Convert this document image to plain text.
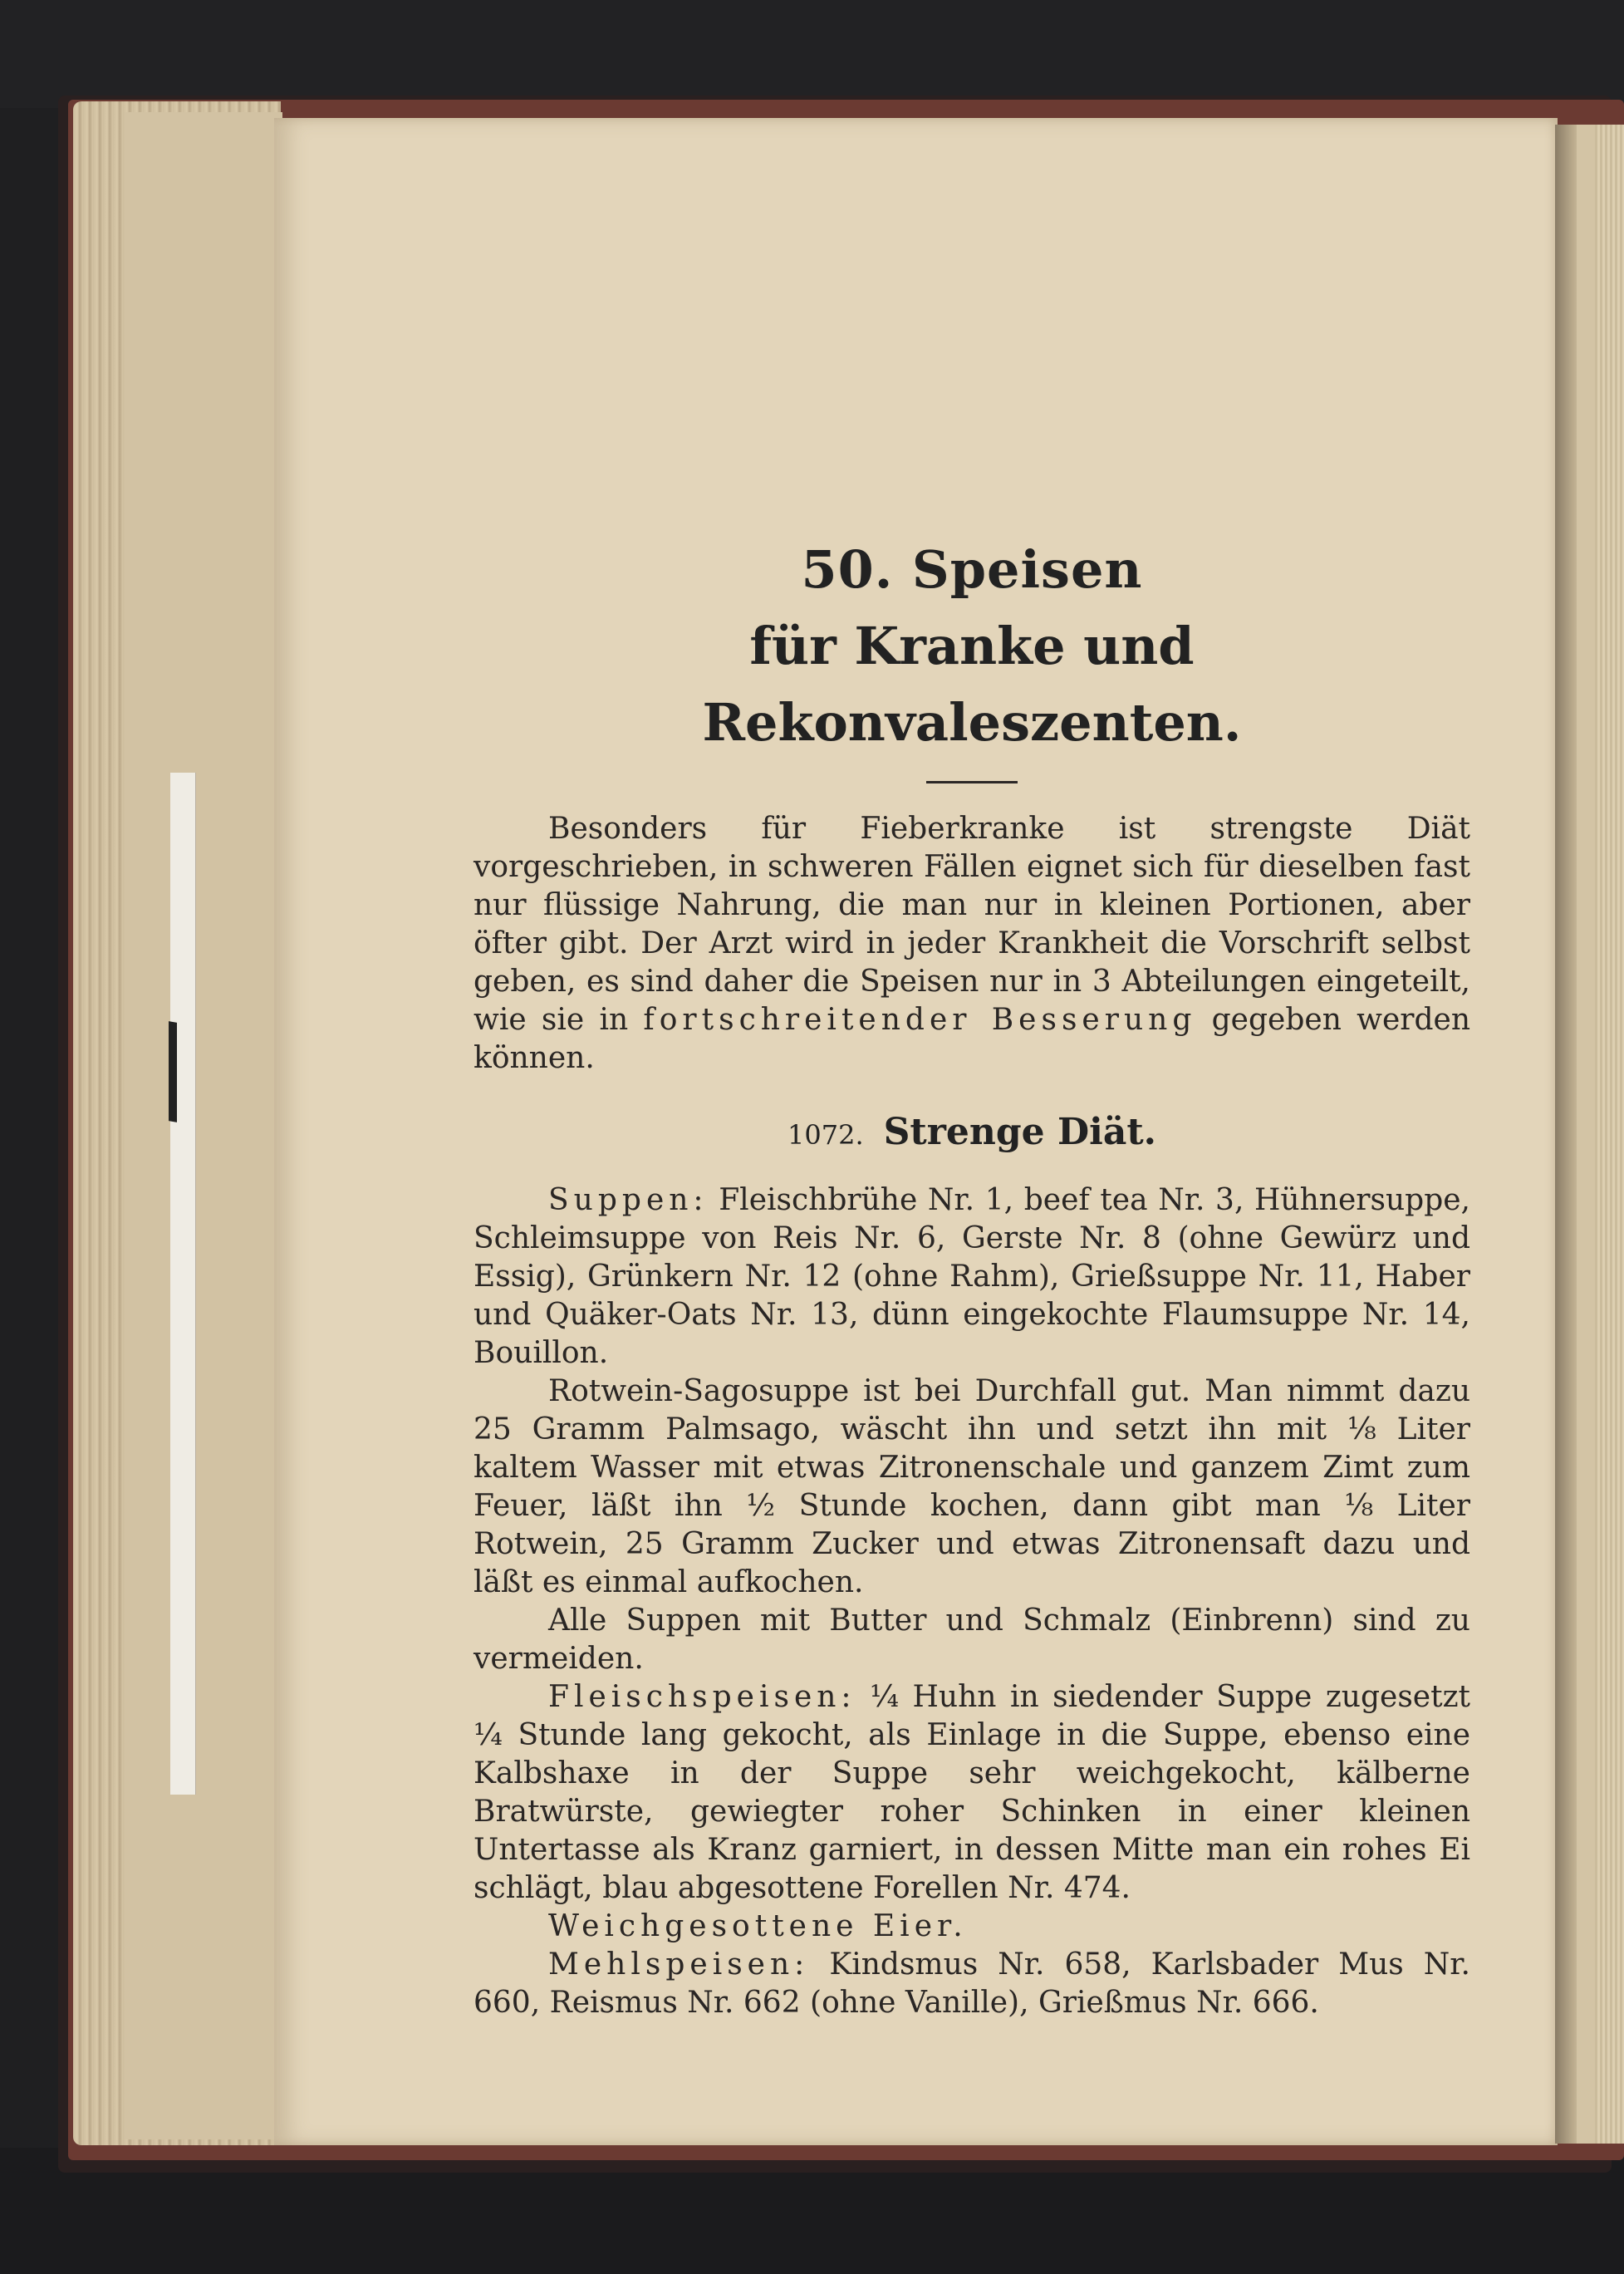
50. Speisen
für Kranke und Rekonvaleszenten.

Besonders für Fieberkranke ist strengste Diät vorgeschrieben, in schweren Fällen eignet sich für dieselben fast nur flüssige Nahrung, die man nur in kleinen Portionen, aber öfter gibt. Der Arzt wird in jeder Krankheit die Vorschrift selbst geben, es sind daher die Speisen nur in 3 Abteilungen eingeteilt, wie sie in fortschreitender Besserung gegeben werden können.

1072. Strenge Diät.

Suppen: Fleischbrühe Nr. 1, beef tea Nr. 3, Hühnersuppe, Schleimsuppe von Reis Nr. 6, Gerste Nr. 8 (ohne Gewürz und Essig), Grünkern Nr. 12 (ohne Rahm), Grießsuppe Nr. 11, Haber und Quäker-Oats Nr. 13, dünn eingekochte Flaumsuppe Nr. 14, Bouillon.

Rotwein-Sagosuppe ist bei Durchfall gut. Man nimmt dazu 25 Gramm Palmsago, wäscht ihn und setzt ihn mit ⅛ Liter kaltem Wasser mit etwas Zitronenschale und ganzem Zimt zum Feuer, läßt ihn ½ Stunde kochen, dann gibt man ⅛ Liter Rotwein, 25 Gramm Zucker und etwas Zitronensaft dazu und läßt es einmal aufkochen.

Alle Suppen mit Butter und Schmalz (Einbrenn) sind zu vermeiden.

Fleischspeisen: ¼ Huhn in siedender Suppe zugesetzt ¼ Stunde lang gekocht, als Einlage in die Suppe, ebenso eine Kalbshaxe in der Suppe sehr weichgekocht, kälberne Bratwürste, gewiegter roher Schinken in einer kleinen Untertasse als Kranz garniert, in dessen Mitte man ein rohes Ei schlägt, blau abgesottene Forellen Nr. 474.

Weichgesottene Eier.

Mehlspeisen: Kindsmus Nr. 658, Karlsbader Mus Nr. 660, Reismus Nr. 662 (ohne Vanille), Grießmus Nr. 666.
